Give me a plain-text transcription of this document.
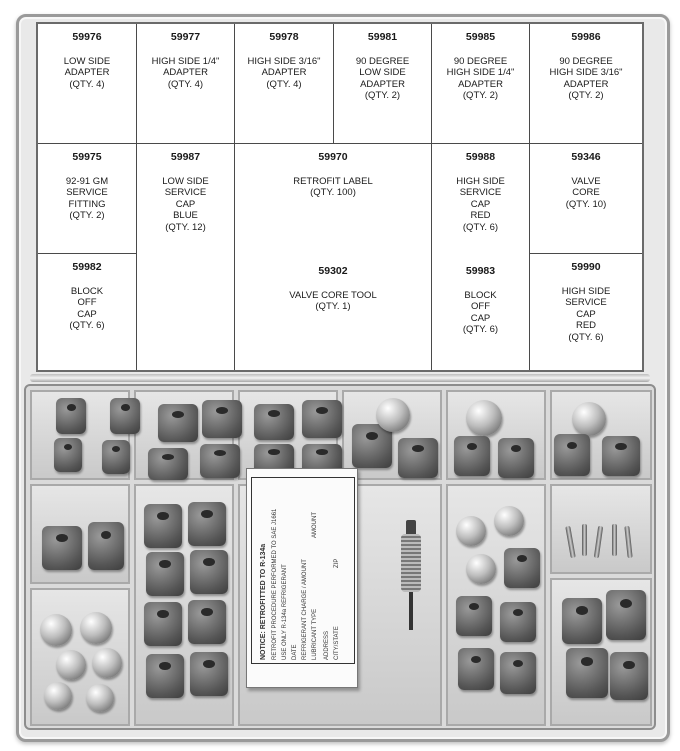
59976
LOW SIDE
ADAPTER
(QTY. 4)
59977
HIGH SIDE 1/4"
ADAPTER
(QTY. 4)
59978
HIGH SIDE 3/16"
ADAPTER
(QTY. 4)
59981
90 DEGREE
LOW SIDE
ADAPTER
(QTY. 2)
59985
90 DEGREE
HIGH SIDE 1/4"
ADAPTER
(QTY. 2)
59986
90 DEGREE
HIGH SIDE 3/16"
ADAPTER
(QTY. 2)
59975
92-91 GM
SERVICE
FITTING
(QTY. 2)
59987
LOW SIDE
SERVICE
CAP
BLUE
(QTY. 12)
59970
RETROFIT LABEL
(QTY. 100)
59988
HIGH SIDE
SERVICE
CAP
RED
(QTY. 6)
59346
VALVE
CORE
(QTY. 10)
59982
BLOCK
OFF
CAP
(QTY. 6)
59302
VALVE CORE TOOL
(QTY. 1)
59983
BLOCK
OFF
CAP
(QTY. 6)
59990
HIGH SIDE
SERVICE
CAP
RED
(QTY. 6)
NOTICE: RETROFITTED TO R-134a RETROFIT PROCEDURE PERFORMED TO SAE J1661 USE ONLY R-134a REFRIGERANT DATE REFRIGERANT CHARGE / AMOUNT LUBRICANT TYPE
AMOUNT
ADDRESS CITY/STATE
ZIP
